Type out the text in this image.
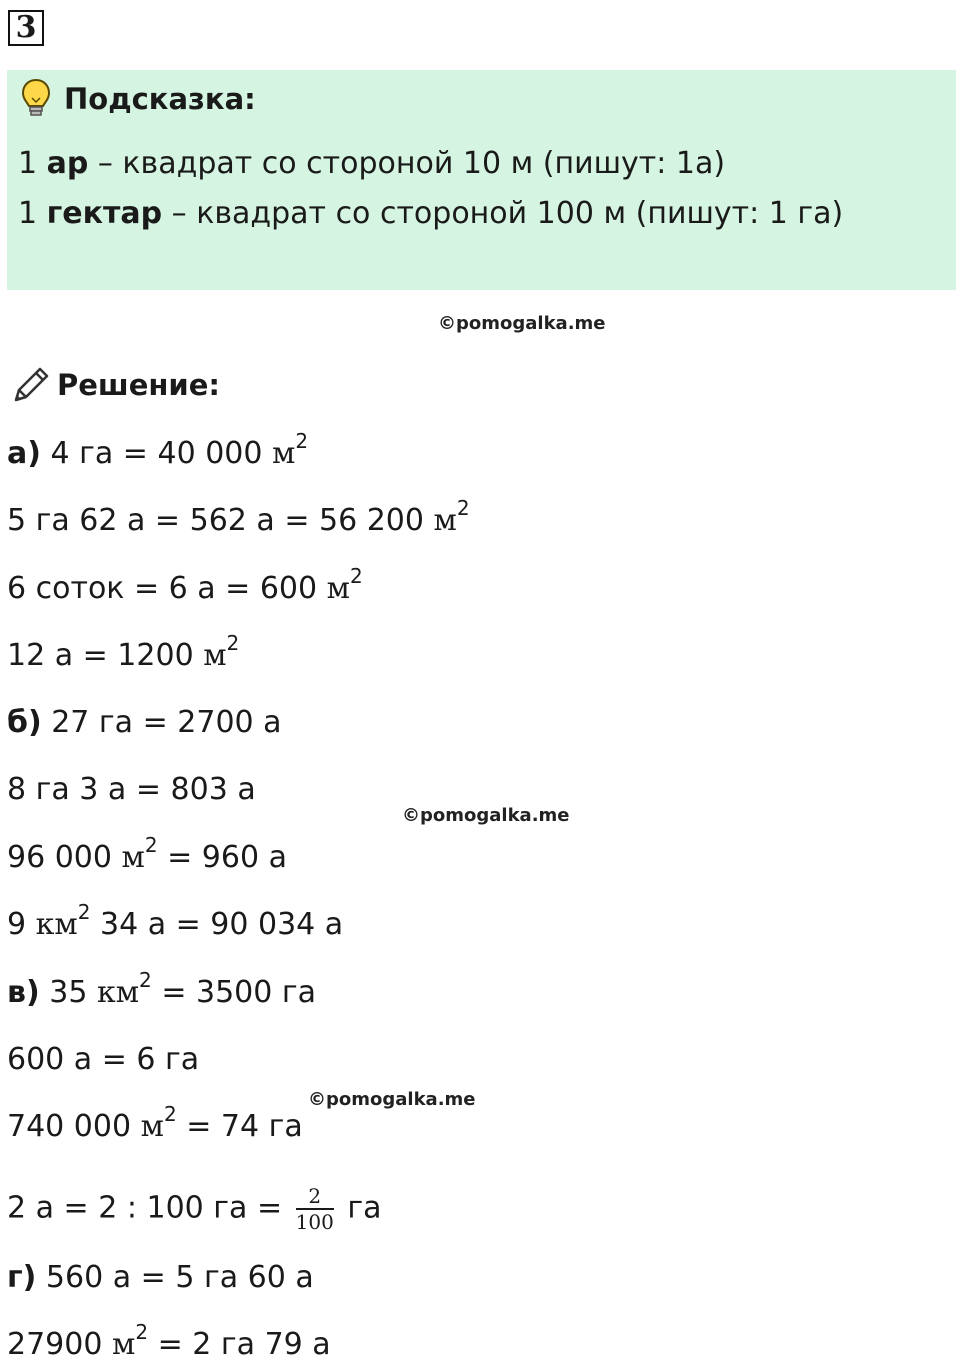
3
Подсказка:
1 ар – квадрат со стороной 10 м (пишут: 1а)
1 гектар – квадрат со стороной 100 м (пишут: 1 га)
©pomogalka.me
Решение:
а) 4 га = 40 000 $м^2$
5 га 62 а = 562 а = 56 200 $м^2$
6 соток = 6 а = 600 $м^2$
12 а = 1200 $м^2$
б) 27 га = 2700 а
8 га 3 а = 803 а
©pomogalka.me
96 000 $м^2 = 960$ а
9 $км^2$ 34 а = 90 034 а
в) 35 $км^2 = 3500$ га
600 а = 6 га
©pomogalka.me
740 000 $м^2 = 74$ га
2 а = 2 : 100 га = $\frac{2}{100}$ га
г) 560 а = 5 га 60 а
27900 $м^2 = 2$ га 79 а
